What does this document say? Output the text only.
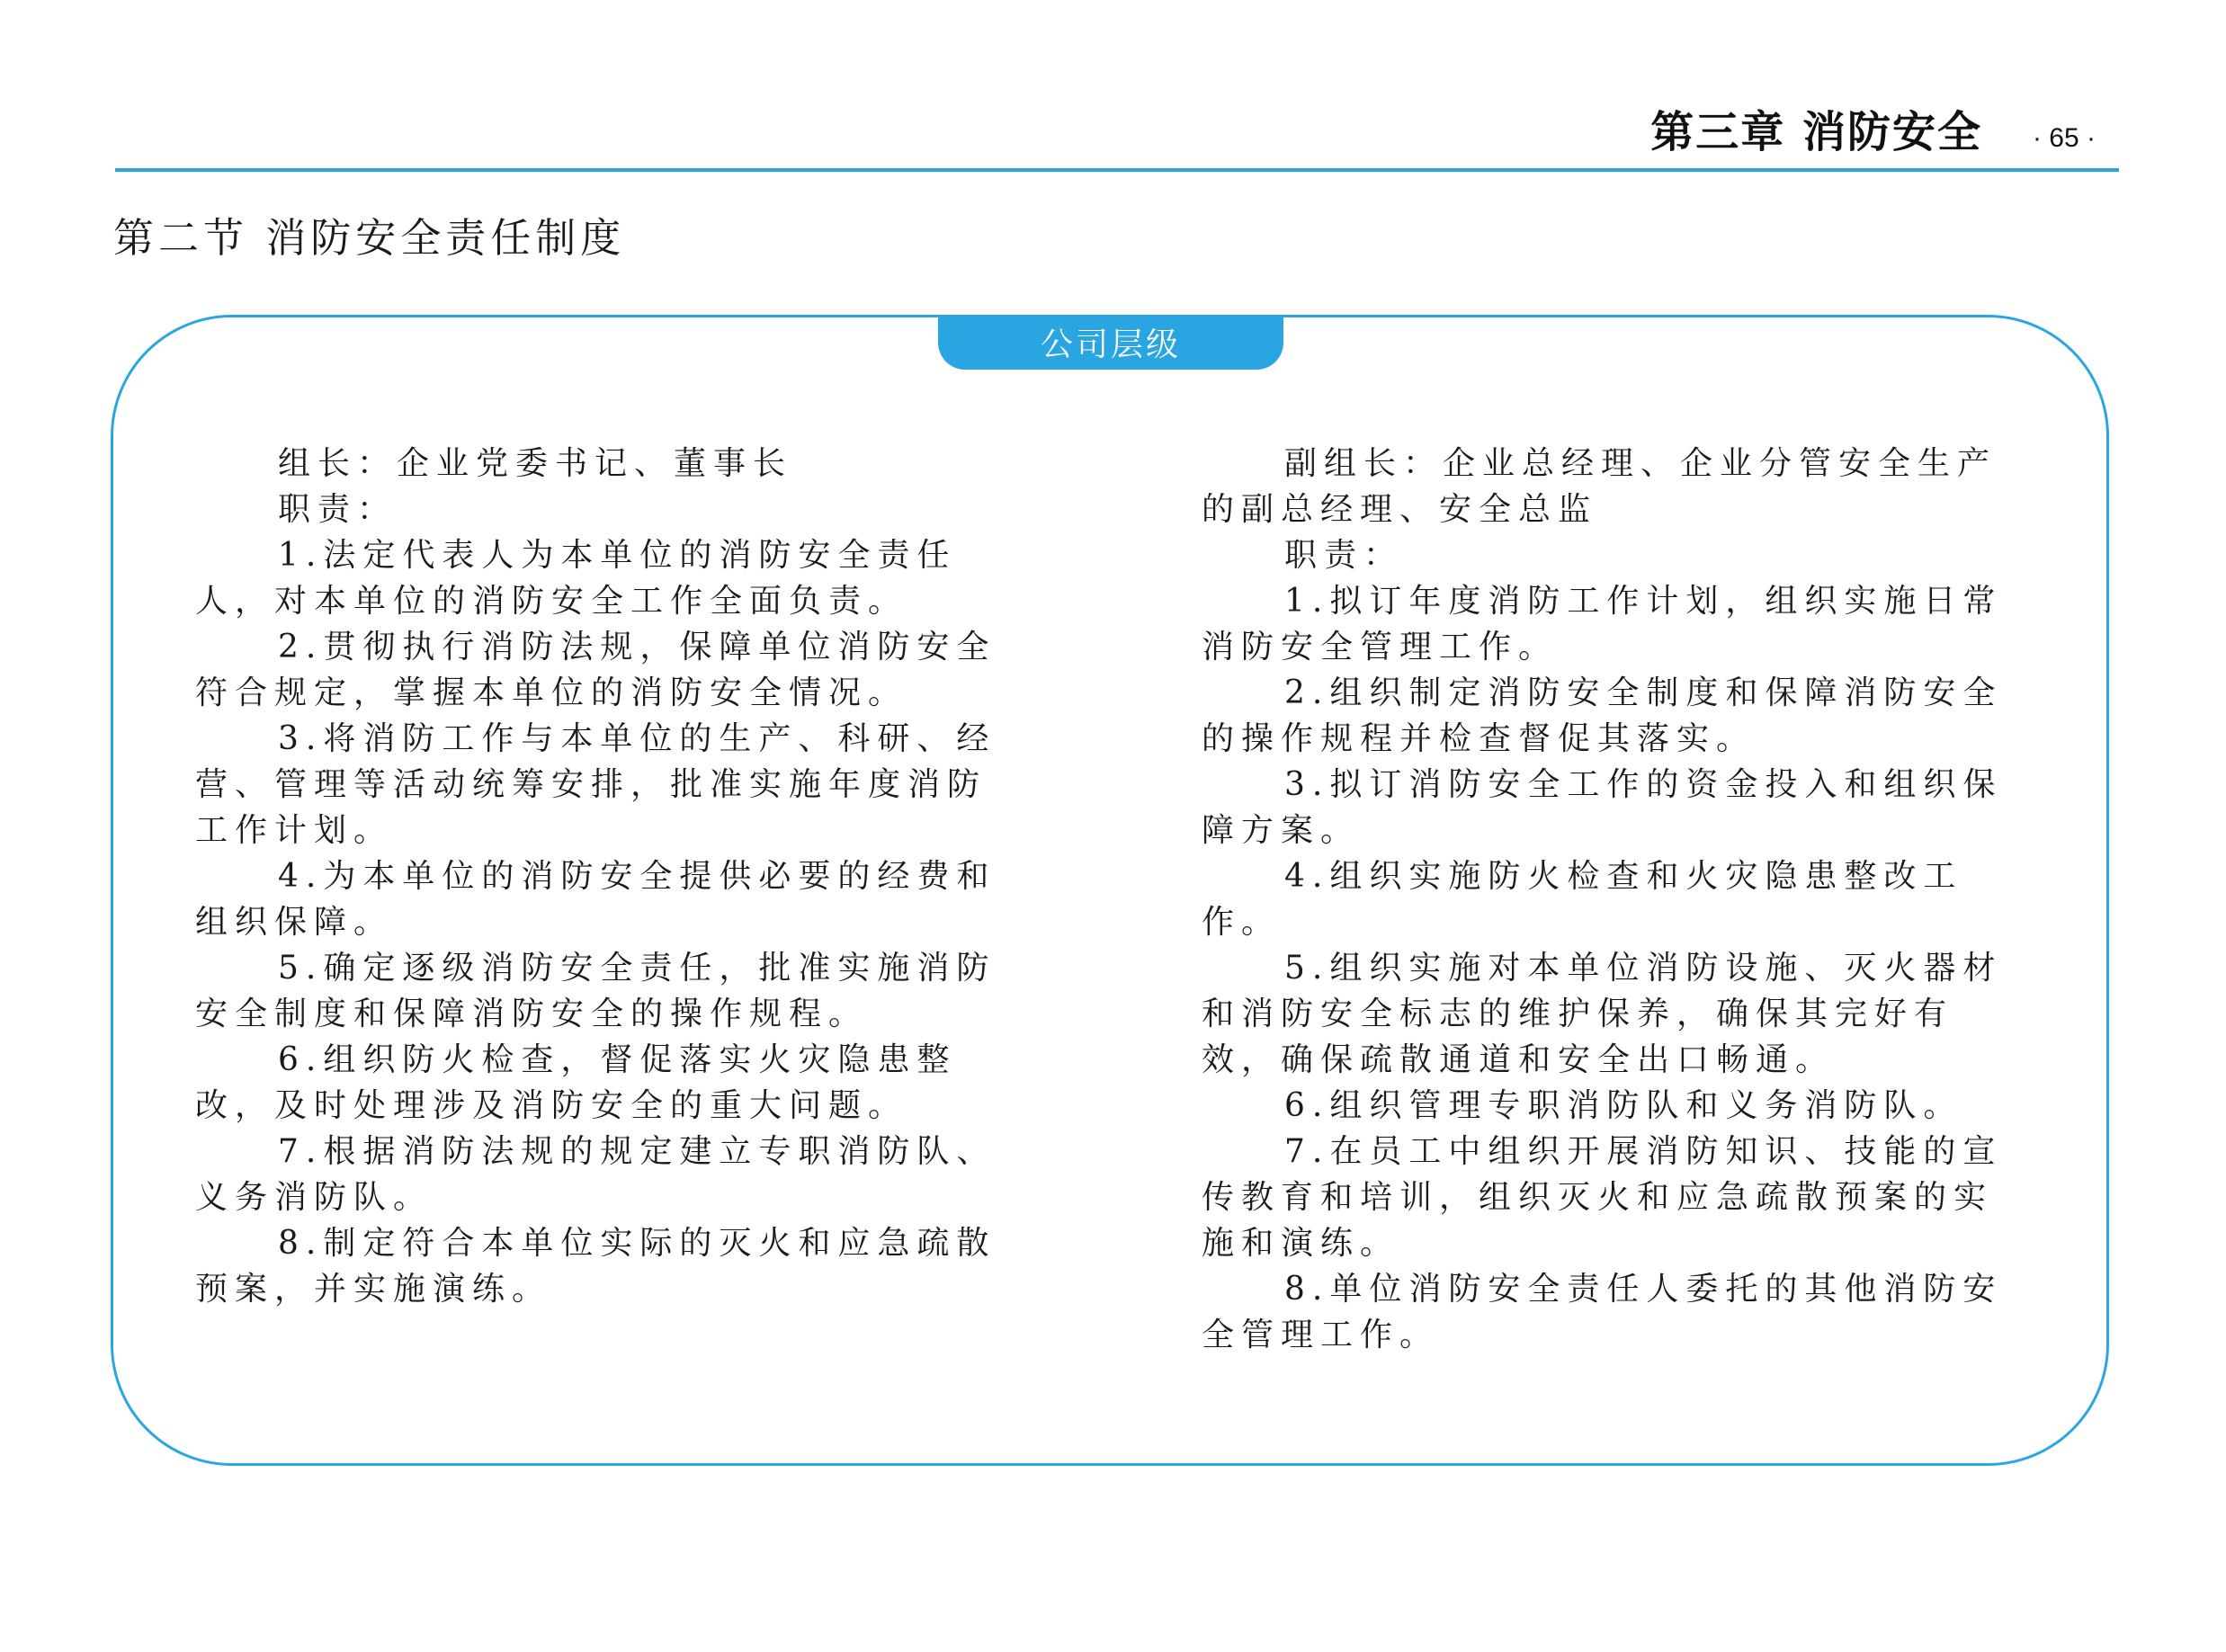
第三章 消防安全 · 65 ·
第二节 消防安全责任制度
公司层级

组长：企业党委书记、董事长

职责：

1.法定代表人为本单位的消防安全责任

人，对本单位的消防安全工作全面负责。

2.贯彻执行消防法规，保障单位消防安全

符合规定，掌握本单位的消防安全情况。

3.将消防工作与本单位的生产、科研、经

营、管理等活动统筹安排，批准实施年度消防

工作计划。

4.为本单位的消防安全提供必要的经费和

组织保障。

5.确定逐级消防安全责任，批准实施消防

安全制度和保障消防安全的操作规程。

6.组织防火检查，督促落实火灾隐患整

改，及时处理涉及消防安全的重大问题。

7.根据消防法规的规定建立专职消防队、

义务消防队。

8.制定符合本单位实际的灭火和应急疏散

预案，并实施演练。

副组长：企业总经理、企业分管安全生产

的副总经理、安全总监

职责：

1.拟订年度消防工作计划，组织实施日常

消防安全管理工作。

2.组织制定消防安全制度和保障消防安全

的操作规程并检查督促其落实。

3.拟订消防安全工作的资金投入和组织保

障方案。

4.组织实施防火检查和火灾隐患整改工

作。

5.组织实施对本单位消防设施、灭火器材

和消防安全标志的维护保养，确保其完好有

效，确保疏散通道和安全出口畅通。

6.组织管理专职消防队和义务消防队。

7.在员工中组织开展消防知识、技能的宣

传教育和培训，组织灭火和应急疏散预案的实

施和演练。

8.单位消防安全责任人委托的其他消防安

全管理工作。
